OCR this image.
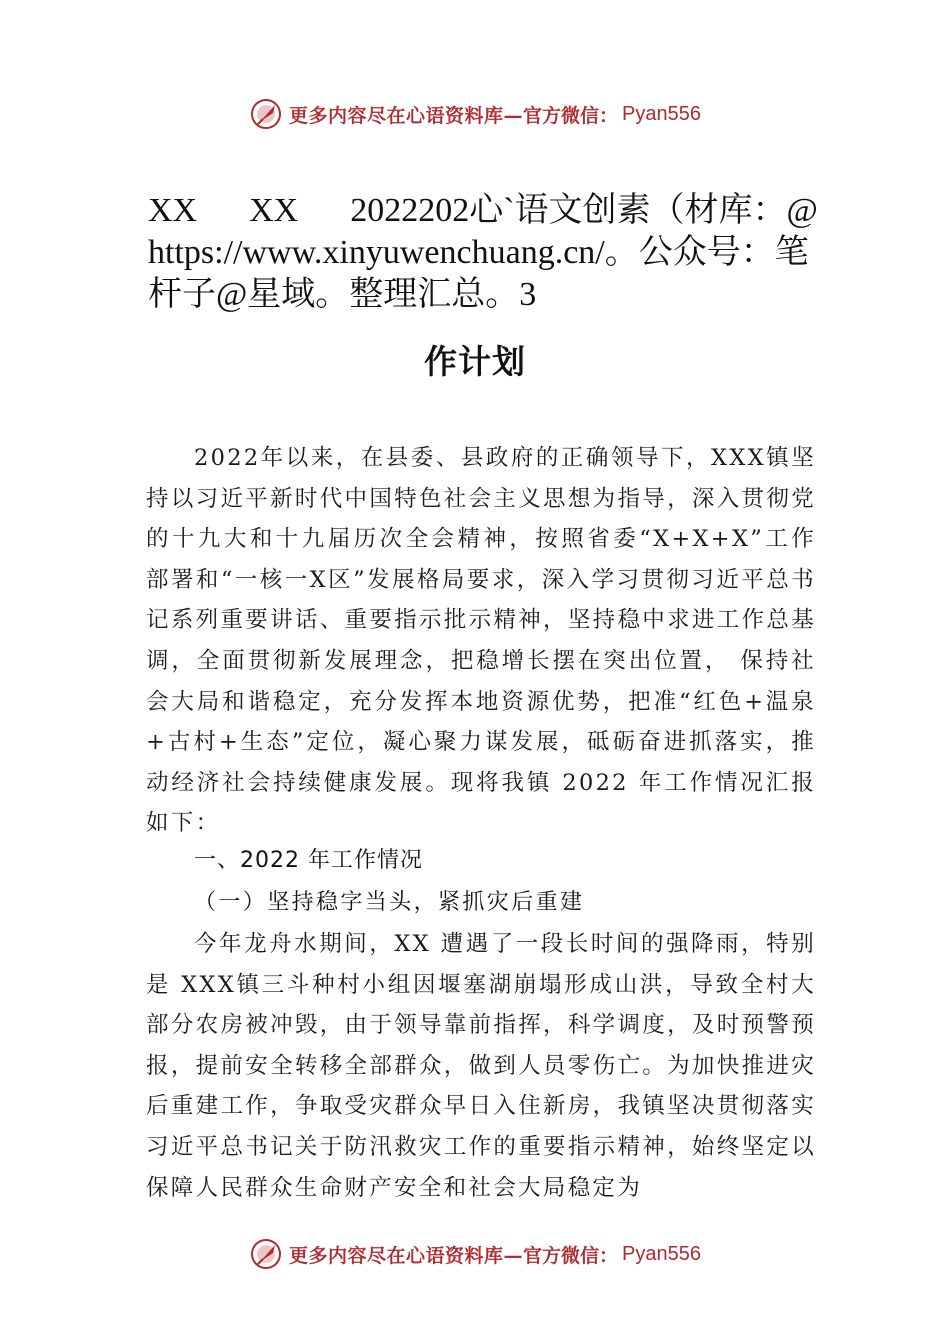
更多内容尽在心语资料库— 官方微信： Pyan556
XX XX 2022202心`语文创素（材库：@https://www.xinyuwenchuang.cn/。公众号：笔杆子@星域。整理汇总。3
作计划
2022年以来，在县委、县政府的正确领导下，XXX镇坚持以习近平新时代中国特色社会主义思想为指导，深入贯彻党的十九大和十九届历次全会精神，按照省委“X+X+X”工作部署和“一核一X区”发展格局要求，深入学习贯彻习近平总书记系列重要讲话、重要指示批示精神，坚持稳中求进工作总基调，全面贯彻新发展理念，把稳增长摆在突出位置， 保持社会大局和谐稳定，充分发挥本地资源优势，把准“红色+温泉+古村+生态”定位，凝心聚力谋发展，砥砺奋进抓落实，推动经济社会持续健康发展。现将我镇 2022 年工作情况汇报如下：
一、2022 年工作情况
（一）坚持稳字当头，紧抓灾后重建
今年龙舟水期间，XX 遭遇了一段长时间的强降雨，特别是 XXX镇三斗种村小组因堰塞湖崩塌形成山洪，导致全村大部分农房被冲毁，由于领导靠前指挥，科学调度，及时预警预报，提前安全转移全部群众，做到人员零伤亡。为加快推进灾后重建工作，争取受灾群众早日入住新房，我镇坚决贯彻落实习近平总书记关于防汛救灾工作的重要指示精神，始终坚定以保障人民群众生命财产安全和社会大局稳定为
更多内容尽在心语资料库— 官方微信： Pyan556
